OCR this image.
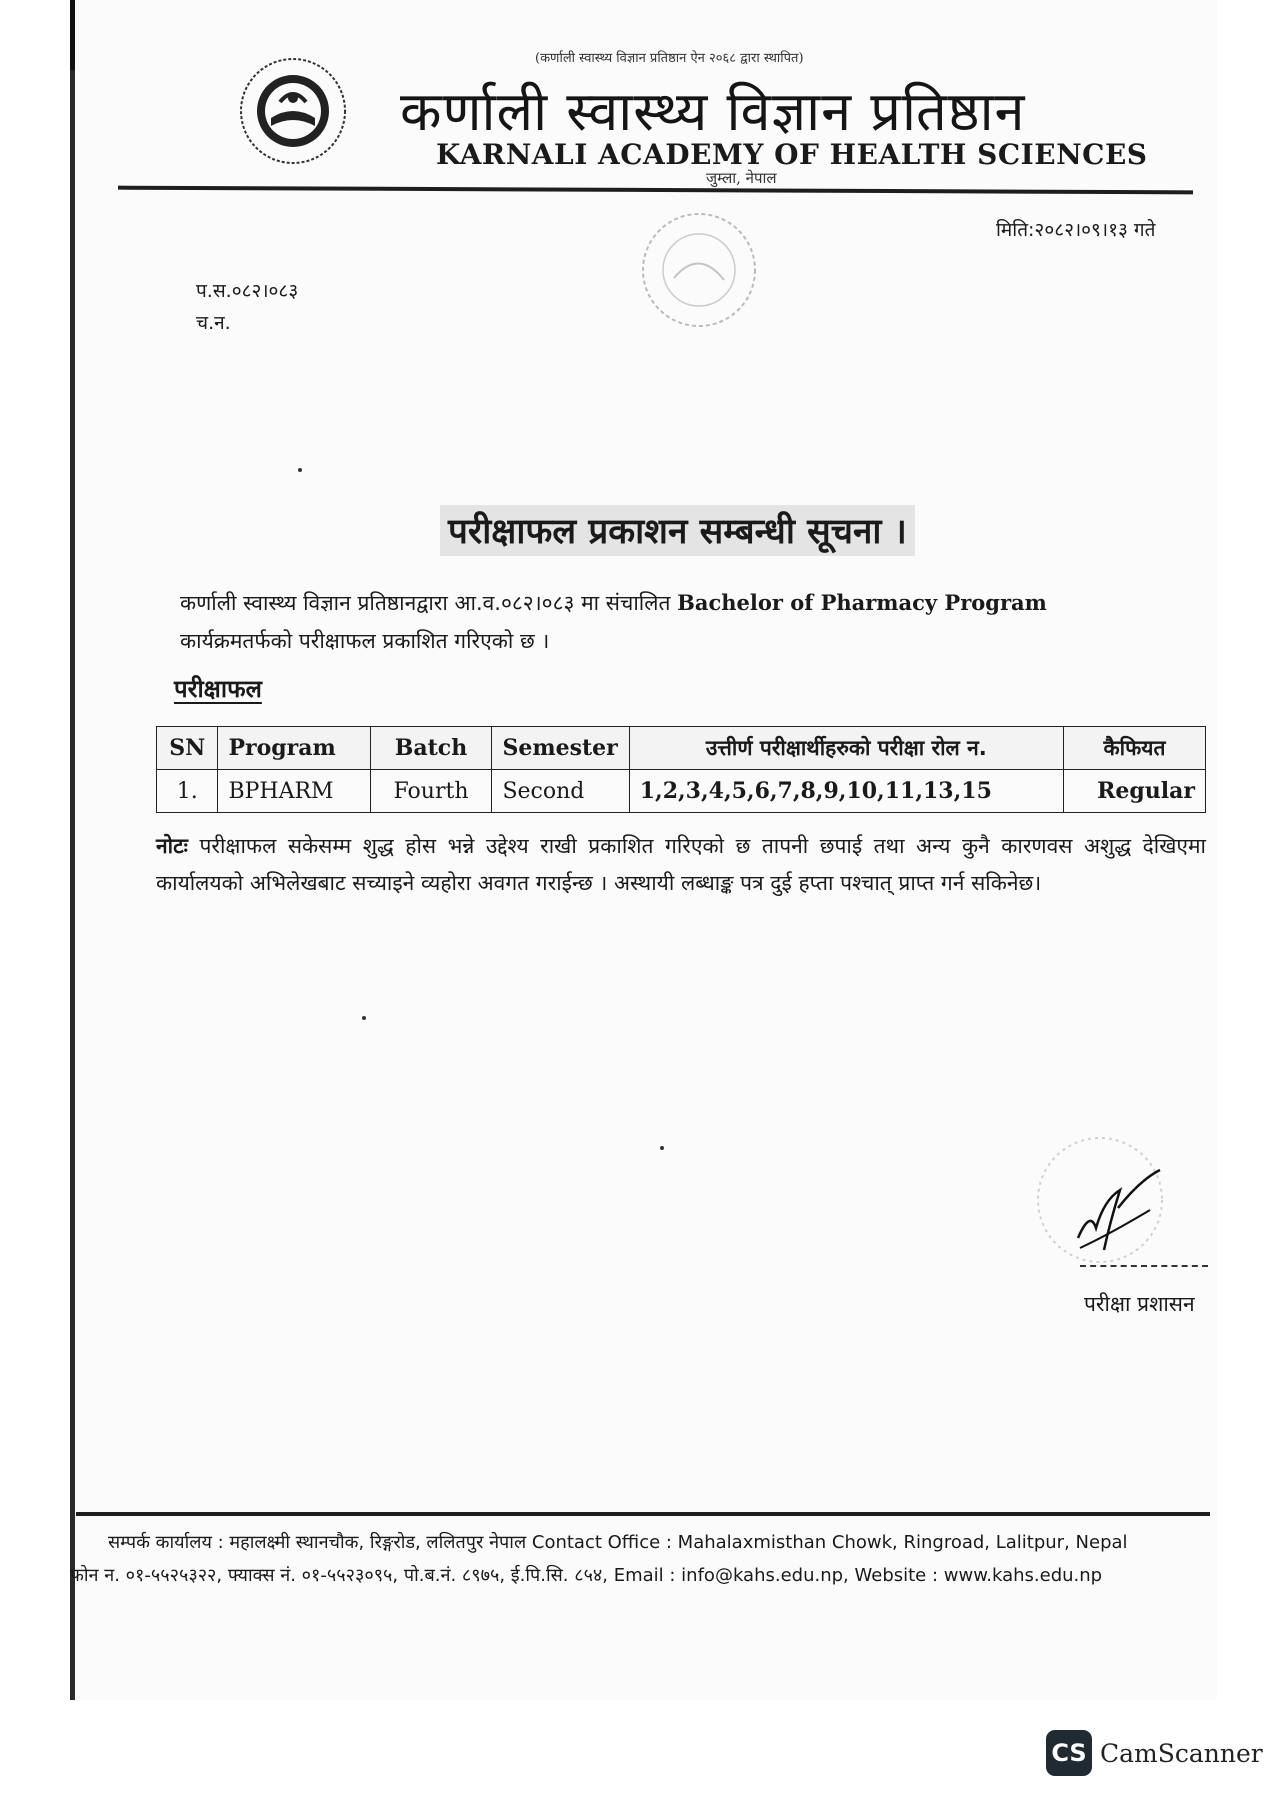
(कर्णाली स्वास्थ्य विज्ञान प्रतिष्ठान ऐन २०६८ द्वारा स्थापित)
कर्णाली स्वास्थ्य विज्ञान प्रतिष्ठान
KARNALI ACADEMY OF HEALTH SCIENCES
जुम्ला, नेपाल
मिति:२०८२।०९।१३ गते
प.स.०८२।०८३
च.न.
परीक्षाफल प्रकाशन सम्बन्धी सूचना ।
कर्णाली स्वास्थ्य विज्ञान प्रतिष्ठानद्वारा आ.व.०८२।०८३ मा संचालित Bachelor of Pharmacy Program
कार्यक्रमतर्फको परीक्षाफल प्रकाशित गरिएको छ ।
परीक्षाफल
SN	Program	Batch	Semester	उत्तीर्ण परीक्षार्थीहरुको परीक्षा रोल न.	कैफियत
1.	BPHARM	Fourth	Second	1,2,3,4,5,6,7,8,9,10,11,13,15	Regular
नोटः परीक्षाफल सकेसम्म शुद्ध होस भन्ने उद्देश्य राखी प्रकाशित गरिएको छ तापनी छपाई तथा अन्य कुनै कारणवस अशुद्ध देखिएमा कार्यालयको अभिलेखबाट सच्याइने व्यहोरा अवगत गराईन्छ । अस्थायी लब्धाङ्क पत्र दुई हप्ता पश्चात् प्राप्त गर्न सकिनेछ।
परीक्षा प्रशासन
सम्पर्क कार्यालय : महालक्ष्मी स्थानचौक, रिङ्गरोड, ललितपुर नेपाल Contact Office : Mahalaxmisthan Chowk, Ringroad, Lalitpur, Nepal
फोन न. ०१-५५२५३२२, फ्याक्स नं. ०१-५५२३०९५, पो.ब.नं. ८९७५, ई.पि.सि. ८५४, Email : info@kahs.edu.np, Website : www.kahs.edu.np
CS CamScanner
